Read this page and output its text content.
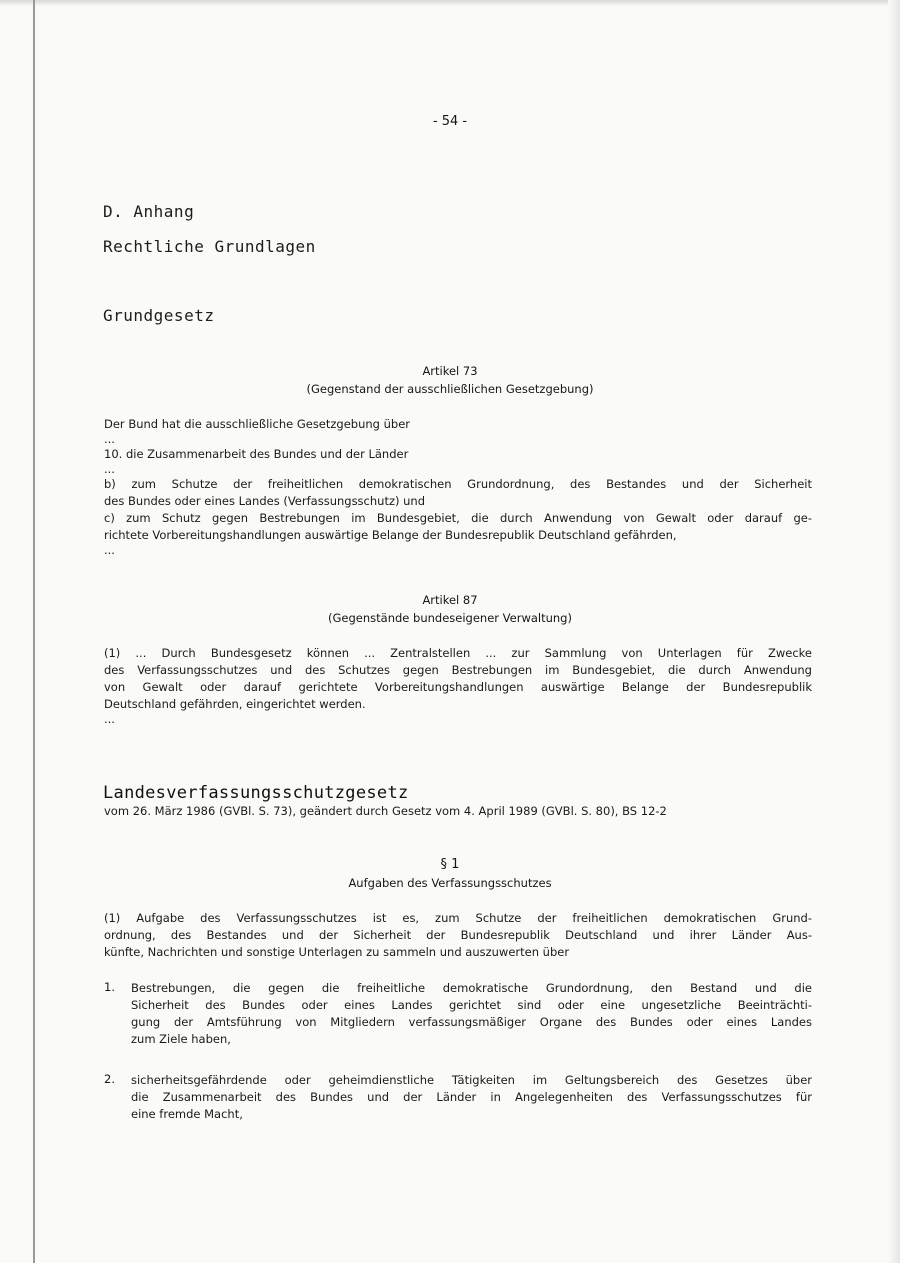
- 54 -
D. Anhang
Rechtliche Grundlagen
Grundgesetz
Artikel 73
(Gegenstand der ausschließlichen Gesetzgebung)
Der Bund hat die ausschließliche Gesetzgebung über
...
10. die Zusammenarbeit des Bundes und der Länder
...
b) zum Schutze der freiheitlichen demokratischen Grundordnung, des Bestandes und der Sicherheit
des Bundes oder eines Landes (Verfassungsschutz) und
c) zum Schutz gegen Bestrebungen im Bundesgebiet, die durch Anwendung von Gewalt oder darauf ge-
richtete Vorbereitungshandlungen auswärtige Belange der Bundesrepublik Deutschland gefährden,
...
Artikel 87
(Gegenstände bundeseigener Verwaltung)
(1) ... Durch Bundesgesetz können ... Zentralstellen ... zur Sammlung von Unterlagen für Zwecke
des Verfassungsschutzes und des Schutzes gegen Bestrebungen im Bundesgebiet, die durch Anwendung
von Gewalt oder darauf gerichtete Vorbereitungshandlungen auswärtige Belange der Bundesrepublik
Deutschland gefährden, eingerichtet werden.
...
Landesverfassungsschutzgesetz
vom 26. März 1986 (GVBl. S. 73), geändert durch Gesetz vom 4. April 1989 (GVBl. S. 80), BS 12-2
§ 1
Aufgaben des Verfassungsschutzes
(1) Aufgabe des Verfassungsschutzes ist es, zum Schutze der freiheitlichen demokratischen Grund-
ordnung, des Bestandes und der Sicherheit der Bundesrepublik Deutschland und ihrer Länder Aus-
künfte, Nachrichten und sonstige Unterlagen zu sammeln und auszuwerten über
1. Bestrebungen, die gegen die freiheitliche demokratische Grundordnung, den Bestand und die
Sicherheit des Bundes oder eines Landes gerichtet sind oder eine ungesetzliche Beeinträchti-
gung der Amtsführung von Mitgliedern verfassungsmäßiger Organe des Bundes oder eines Landes
zum Ziele haben,
2. sicherheitsgefährdende oder geheimdienstliche Tätigkeiten im Geltungsbereich des Gesetzes über
die Zusammenarbeit des Bundes und der Länder in Angelegenheiten des Verfassungsschutzes für
eine fremde Macht,
